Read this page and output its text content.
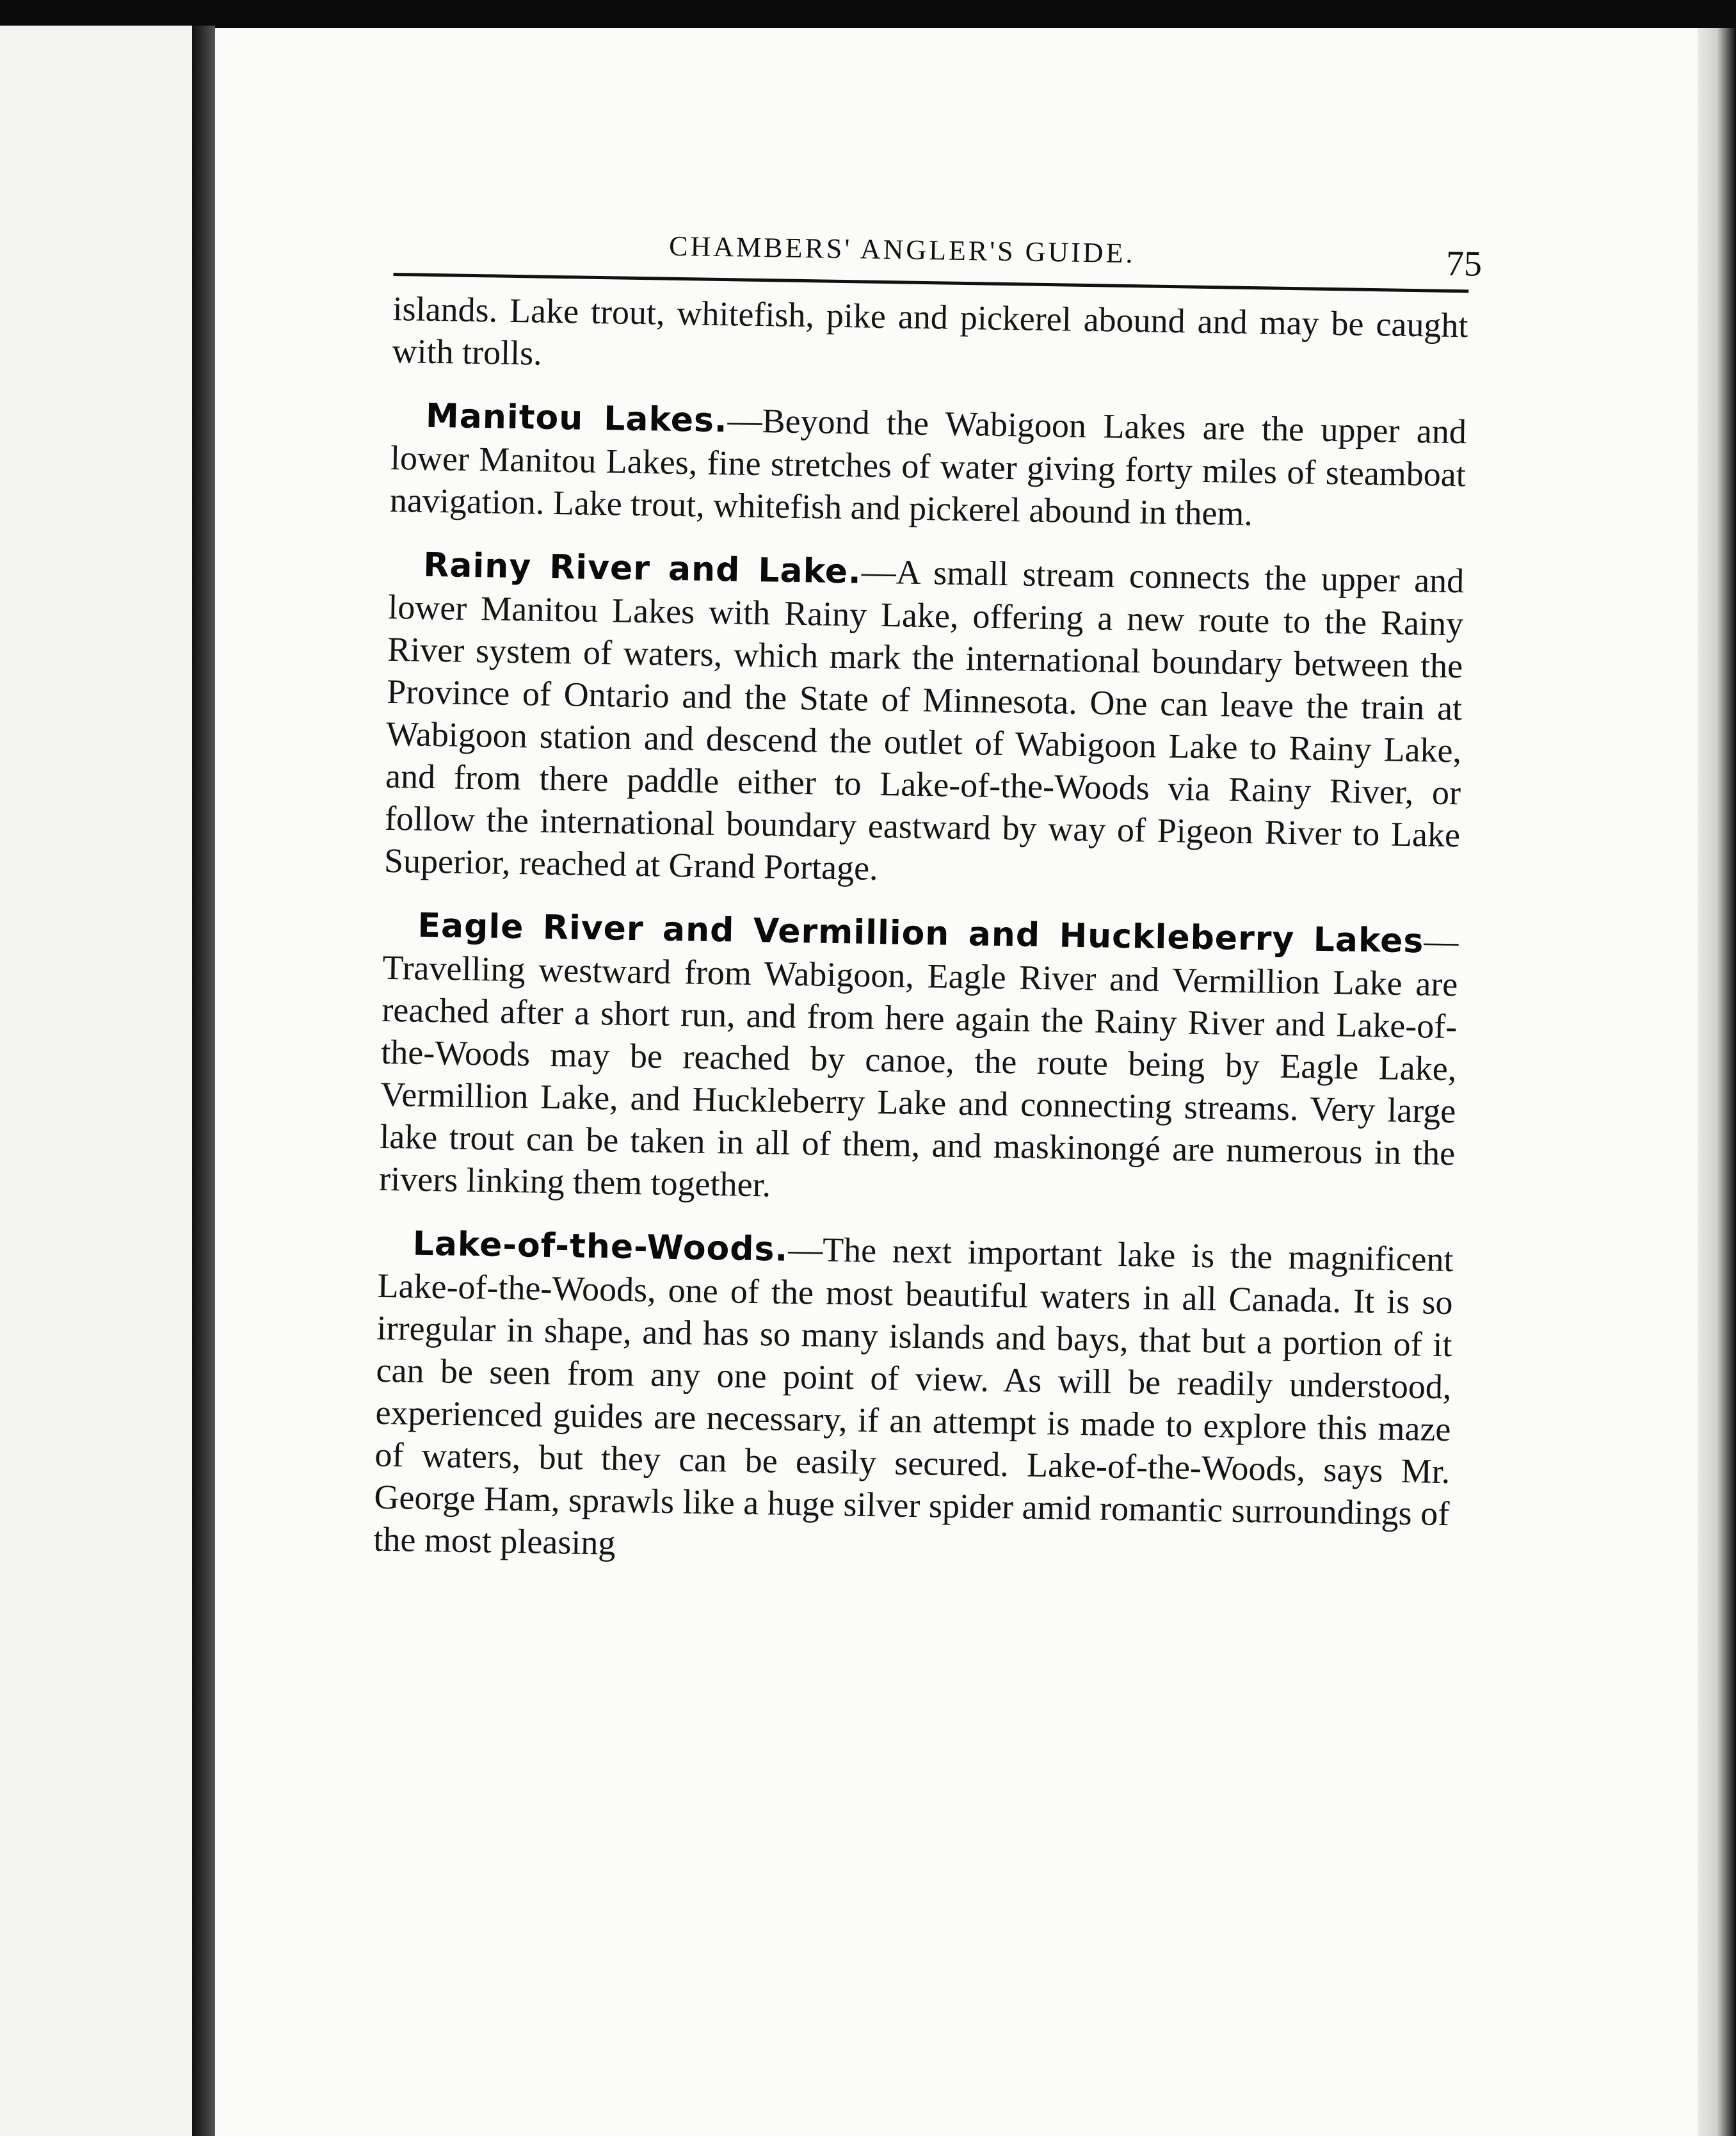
CHAMBERS' ANGLER'S GUIDE.	75

islands. Lake trout, whitefish, pike and pickerel abound and may be caught with trolls.

Manitou Lakes.—Beyond the Wabigoon Lakes are the upper and lower Manitou Lakes, fine stretches of water giving forty miles of steamboat navigation. Lake trout, whitefish and pickerel abound in them.

Rainy River and Lake.—A small stream connects the upper and lower Manitou Lakes with Rainy Lake, offering a new route to the Rainy River system of waters, which mark the international boundary between the Province of Ontario and the State of Minnesota. One can leave the train at Wabigoon station and descend the outlet of Wabigoon Lake to Rainy Lake, and from there paddle either to Lake-of-the-Woods via Rainy River, or follow the international boundary eastward by way of Pigeon River to Lake Superior, reached at Grand Portage.

Eagle River and Vermillion and Huckleberry Lakes—Travelling westward from Wabigoon, Eagle River and Vermillion Lake are reached after a short run, and from here again the Rainy River and Lake-of-the-Woods may be reached by canoe, the route being by Eagle Lake, Vermillion Lake, and Huckleberry Lake and connecting streams. Very large lake trout can be taken in all of them, and maskinongé are numerous in the rivers linking them together.

Lake-of-the-Woods.—The next important lake is the magnificent Lake-of-the-Woods, one of the most beautiful waters in all Canada. It is so irregular in shape, and has so many islands and bays, that but a portion of it can be seen from any one point of view. As will be readily understood, experienced guides are necessary, if an attempt is made to explore this maze of waters, but they can be easily secured. Lake-of-the-Woods, says Mr. George Ham, sprawls like a huge silver spider amid romantic surroundings of the most pleasing
